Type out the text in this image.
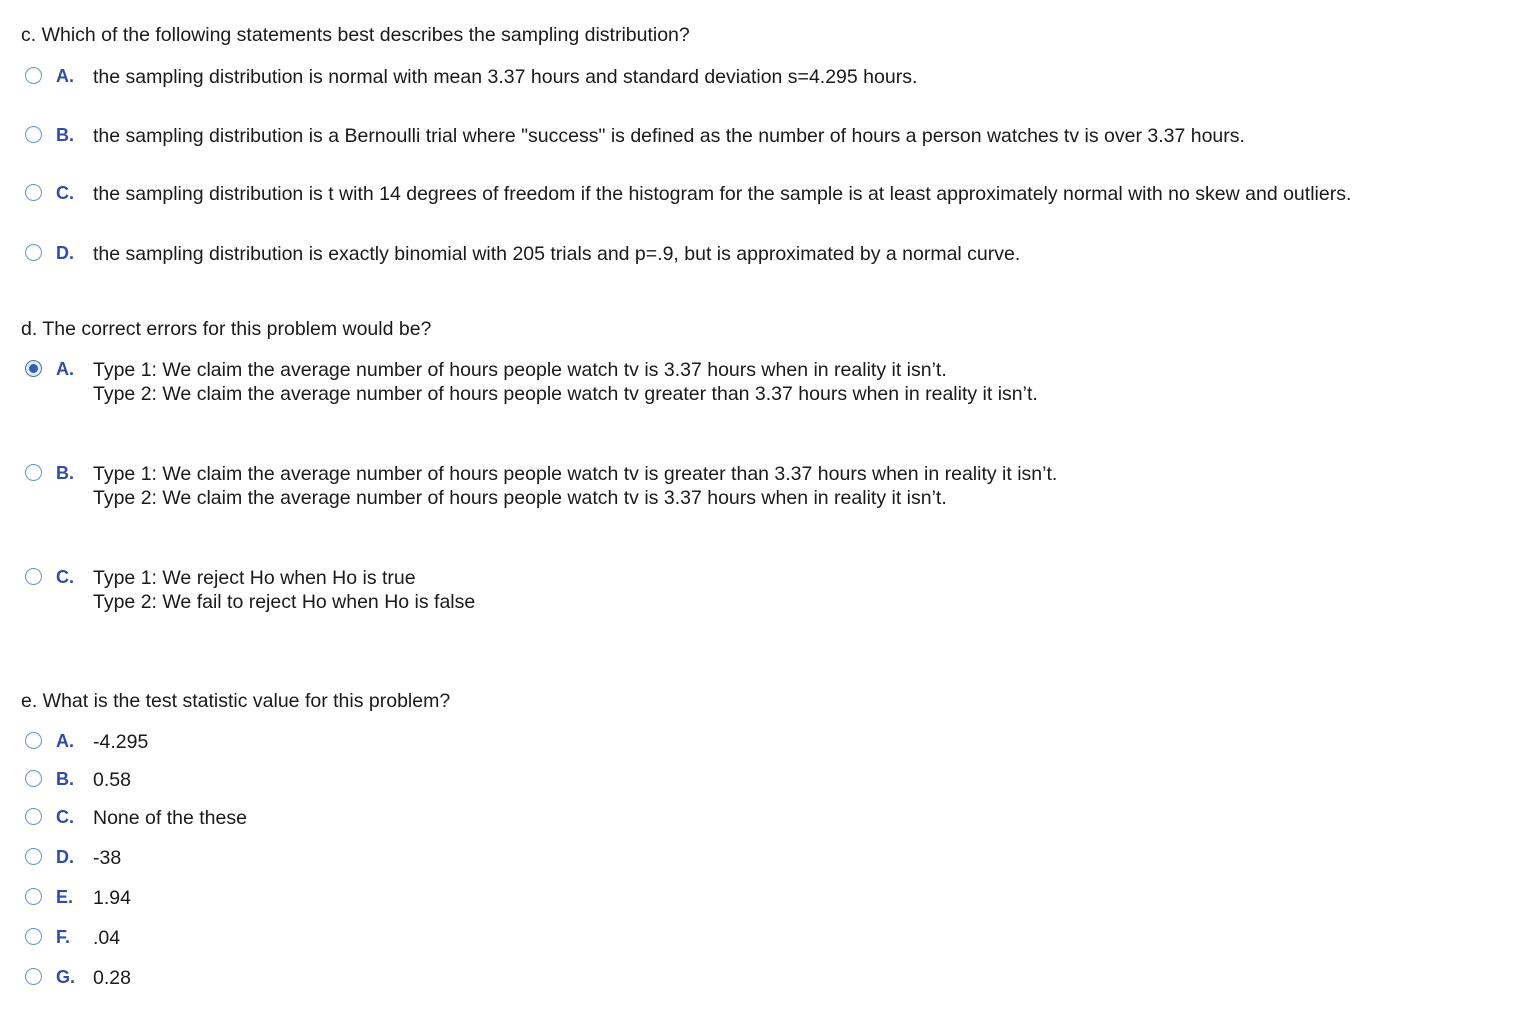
c. Which of the following statements best describes the sampling distribution?
A. the sampling distribution is normal with mean 3.37 hours and standard deviation s=4.295 hours.
B. the sampling distribution is a Bernoulli trial where "success" is defined as the number of hours a person watches tv is over 3.37 hours.
C. the sampling distribution is t with 14 degrees of freedom if the histogram for the sample is at least approximately normal with no skew and outliers.
D. the sampling distribution is exactly binomial with 205 trials and p=.9, but is approximated by a normal curve.
d. The correct errors for this problem would be?
A. Type 1: We claim the average number of hours people watch tv is 3.37 hours when in reality it isn’t.
Type 2: We claim the average number of hours people watch tv greater than 3.37 hours when in reality it isn’t.
B. Type 1: We claim the average number of hours people watch tv is greater than 3.37 hours when in reality it isn’t.
Type 2: We claim the average number of hours people watch tv is 3.37 hours when in reality it isn’t.
C. Type 1: We reject Ho when Ho is true
Type 2: We fail to reject Ho when Ho is false
e. What is the test statistic value for this problem?
A. -4.295
B. 0.58
C. None of the these
D. -38
E.	1.94
F.	.04
G. 0.28
